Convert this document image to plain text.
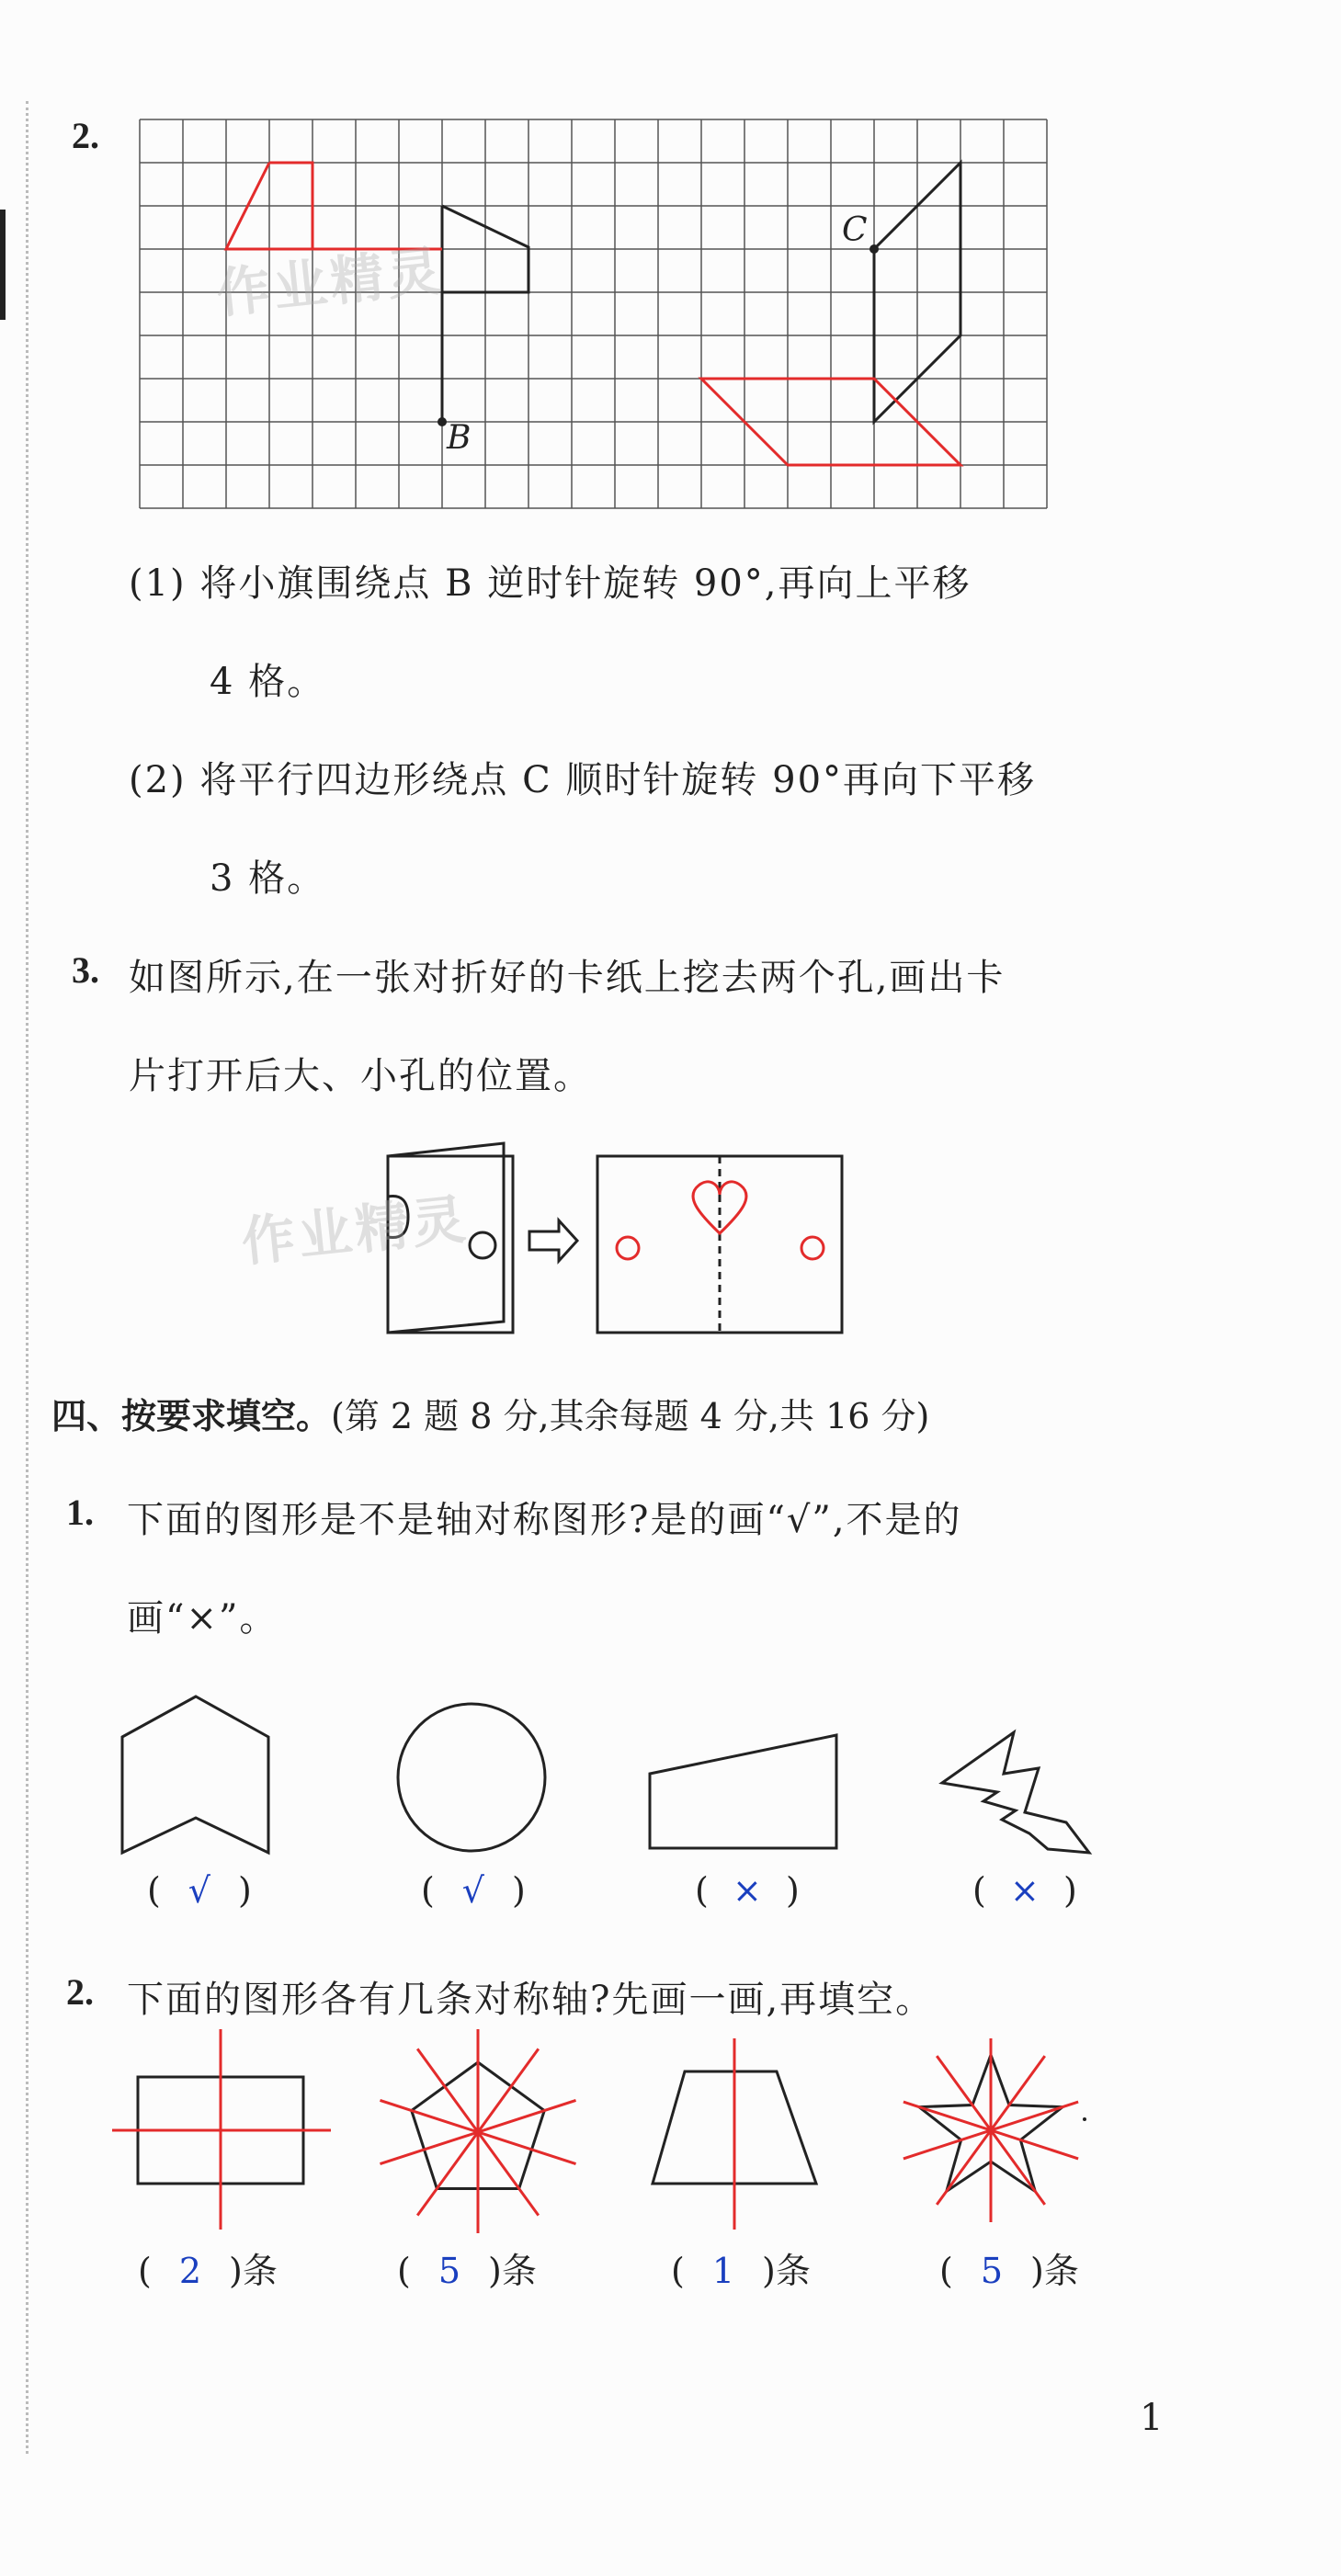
2.
B
C
作业精灵
(1) 将小旗围绕点 B 逆时针旋转 90°,再向上平移
4 格。
(2) 将平行四边形绕点 C 顺时针旋转 90°再向下平移
3 格。
3. 如图所示,在一张对折好的卡纸上挖去两个孔,画出卡
片打开后大、小孔的位置。
作业精灵
四、按要求填空。(第 2 题 8 分,其余每题 4 分,共 16 分)
1. 下面的图形是不是轴对称图形?是的画“√”,不是的
画“×”。
( √ )	( √ )	( × )	( × )
2. 下面的图形各有几条对称轴?先画一画,再填空。
( 2 )条	( 5 )条	( 1 )条	( 5 )条
1
